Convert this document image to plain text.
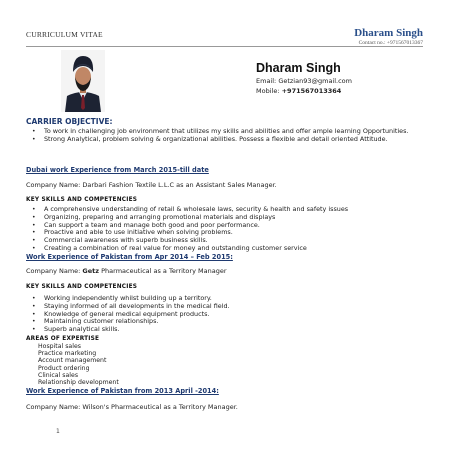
CURRICULUM VITAE	Dharam Singh
Contact no.: +971567013367
Dharam Singh
Email: Getzian93@gmail.com
Mobile: +971567013364
CARRIER OBJECTIVE:
• To work in challenging job environment that utilizes my skills and abilities and offer ample learning Opportunities.
• Strong Analytical, problem solving & organizational abilities. Possess a flexible and detail oriented Attitude.
Dubai work Experience from March 2015-till date
Company Name: Darbari Fashion Textile L.L.C as an Assistant Sales Manager.
KEY SKILLS AND COMPETENCIES
• A comprehensive understanding of retail & wholesale laws, security & health and safety issues
• Organizing, preparing and arranging promotional materials and displays
• Can support a team and manage both good and poor performance.
• Proactive and able to use initiative when solving problems.
• Commercial awareness with superb business skills.
• Creating a combination of real value for money and outstanding customer service
Work Experience of Pakistan from Apr 2014 – Feb 2015:
Company Name: Getz Pharmaceutical as a Territory Manager
KEY SKILLS AND COMPETENCIES
• Working independently whilst building up a territory.
• Staying informed of all developments in the medical field.
• Knowledge of general medical equipment products.
• Maintaining customer relationships.
• Superb analytical skills.
AREAS OF EXPERTISE
Hospital sales
Practice marketing
Account management
Product ordering
Clinical sales
Relationship development
Work Experience of Pakistan from 2013 April -2014:
Company Name: Wilson's Pharmaceutical as a Territory Manager.
1
